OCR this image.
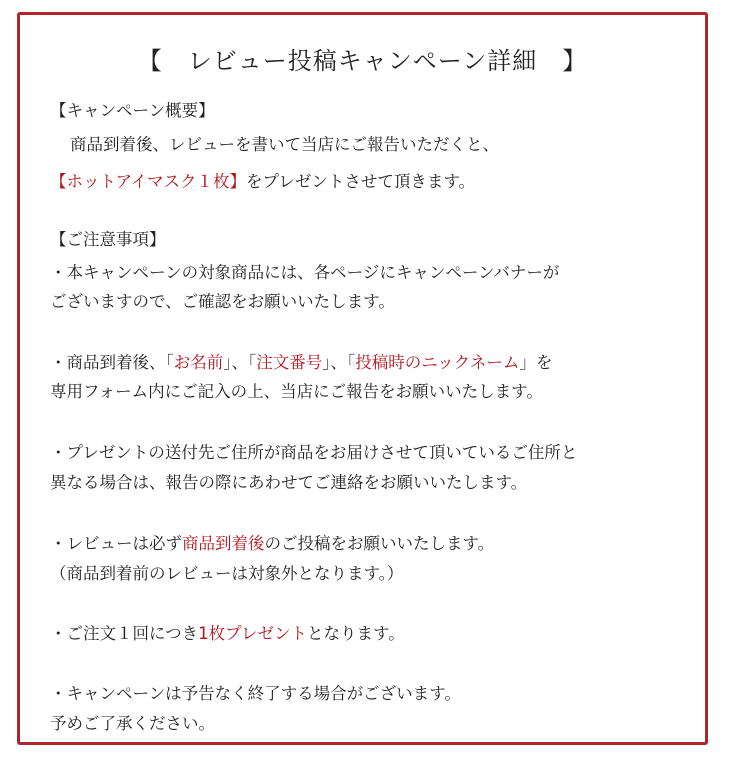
【　レビュー投稿キャンペーン詳細　】
【キャンペーン概要】
商品到着後、レビューを書いて当店にご報告いただくと、
【ホットアイマスク１枚】をプレゼントさせて頂きます。
【ご注意事項】
・本キャンペーンの対象商品には、各ページにキャンペーンバナーが
ございますので、ご確認をお願いいたします。
・商品到着後、「お名前」、「注文番号」、「投稿時のニックネーム」を
専用フォーム内にご記入の上、当店にご報告をお願いいたします。
・プレゼントの送付先ご住所が商品をお届けさせて頂いているご住所と
異なる場合は、報告の際にあわせてご連絡をお願いいたします。
・レビューは必ず商品到着後のご投稿をお願いいたします。
（商品到着前のレビューは対象外となります。）
・ご注文１回につき1枚プレゼントとなります。
・キャンペーンは予告なく終了する場合がございます。
予めご了承ください。
